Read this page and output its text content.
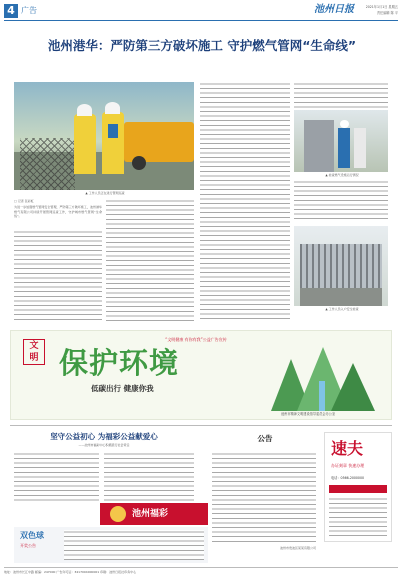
4 广告	池州日报	2021年1月1日 星期五
责任编辑 陈 平
池州港华：严防第三方破坏施工 守护燃气管网“生命线”
▲ 工作人员正在进行管网巡查
□ 记者 张彩虹
为进一步加强燃气管网安全管理，严防第三方破坏施工，池州港华燃气有限公司持续开展管网巡查工作，守护城市燃气管网“生命线”。
▲ 检查燃气设施运行情况
▲ 工作人员入户安全检查
文
明
“文明健康 有你有我”公益广告宣传
保护环境
低碳出行 健康你我
池州市精神文明建设指导委员会办公室
坚守公益初心 为福彩公益献爱心
——池州市福彩中心积极践行社会责任
池州福彩
双色球
开奖公告
公告
池州市贵池区某某有限公司
速夫
办证刻章 快速办理
电话：0566-2000000
地址：池州市长江中路 邮编：247000 广告许可证：3417004000001 印刷：池州日报社印务中心
